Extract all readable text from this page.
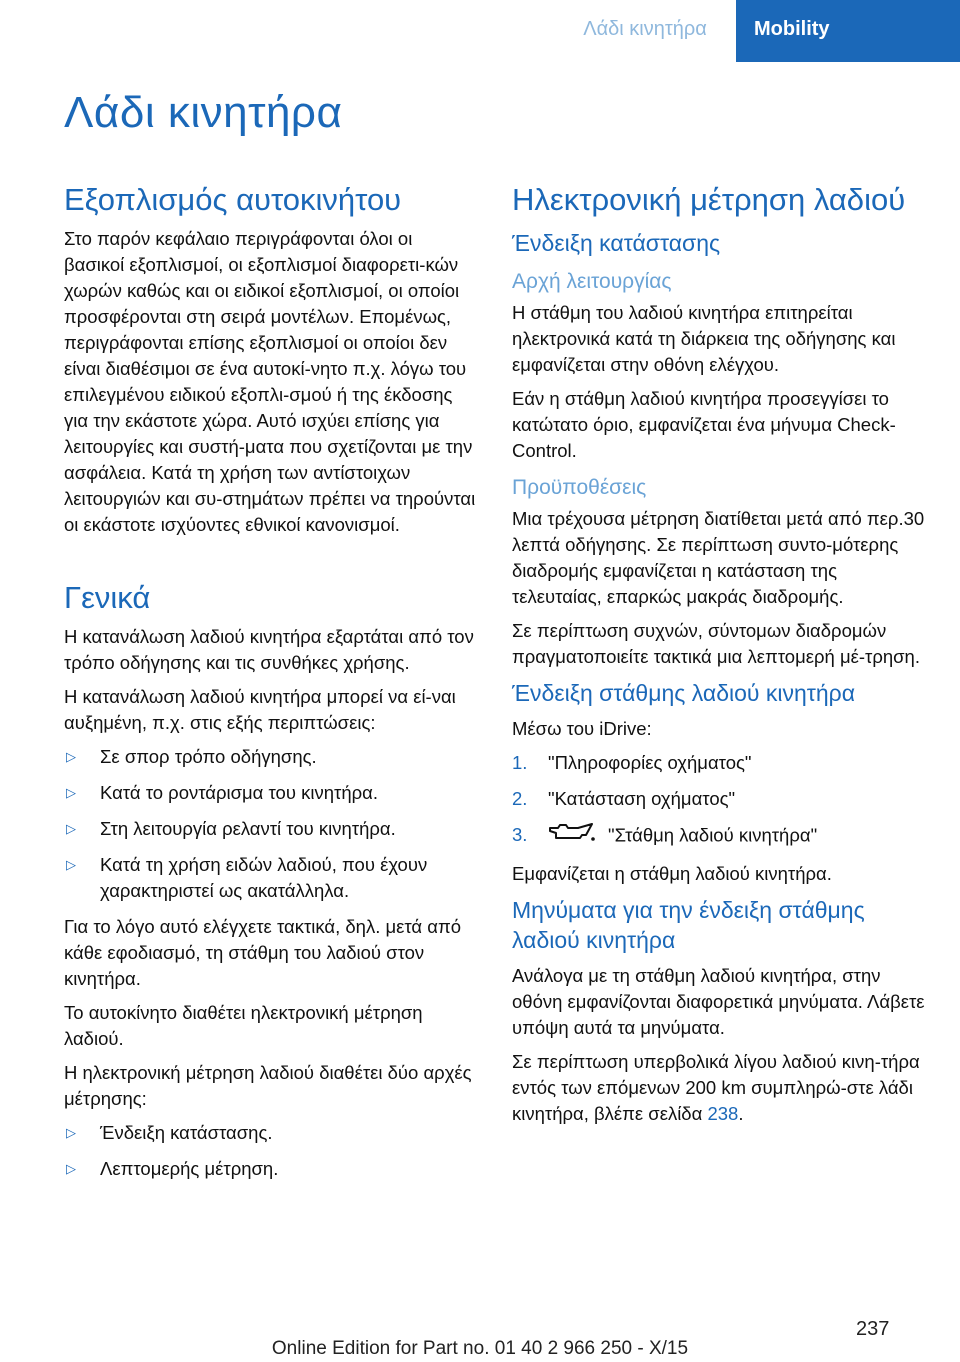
Λάδι κινητήρα	Mobility
Λάδι κινητήρα
Εξοπλισμός αυτοκινήτου

Στο παρόν κεφάλαιο περιγράφονται όλοι οι βασικοί εξοπλισμοί, οι εξοπλισμοί διαφορετι-κών χωρών καθώς και οι ειδικοί εξοπλισμοί, οι οποίοι προσφέρονται στη σειρά μοντέλων. Επομένως, περιγράφονται επίσης εξοπλισμοί οι οποίοι δεν είναι διαθέσιμοι σε ένα αυτοκί-νητο π.χ. λόγω του επιλεγμένου ειδικού εξοπλι-σμού ή της έκδοσης για την εκάστοτε χώρα. Αυτό ισχύει επίσης για λειτουργίες και συστή-ματα που σχετίζονται με την ασφάλεια. Κατά τη χρήση των αντίστοιχων λειτουργιών και συ-στημάτων πρέπει να τηρούνται οι εκάστοτε ισχύοντες εθνικοί κανονισμοί.

Γενικά

Η κατανάλωση λαδιού κινητήρα εξαρτάται από τον τρόπο οδήγησης και τις συνθήκες χρήσης.

Η κατανάλωση λαδιού κινητήρα μπορεί να εί-ναι αυξημένη, π.χ. στις εξής περιπτώσεις:

▷ Σε σπορ τρόπο οδήγησης.
▷ Κατά το ροντάρισμα του κινητήρα.
▷ Στη λειτουργία ρελαντί του κινητήρα.
▷ Κατά τη χρήση ειδών λαδιού, που έχουν χαρακτηριστεί ως ακατάλληλα.

Για το λόγο αυτό ελέγχετε τακτικά, δηλ. μετά από κάθε εφοδιασμό, τη στάθμη του λαδιού στον κινητήρα.

Το αυτοκίνητο διαθέτει ηλεκτρονική μέτρηση λαδιού.

Η ηλεκτρονική μέτρηση λαδιού διαθέτει δύο αρχές μέτρησης:

▷ Ένδειξη κατάστασης.
▷ Λεπτομερής μέτρηση.
Ηλεκτρονική μέτρηση λαδιού
Ένδειξη κατάστασης
Αρχή λειτουργίας

Η στάθμη του λαδιού κινητήρα επιτηρείται ηλεκτρονικά κατά τη διάρκεια της οδήγησης και εμφανίζεται στην οθόνη ελέγχου.

Εάν η στάθμη λαδιού κινητήρα προσεγγίσει το κατώτατο όριο, εμφανίζεται ένα μήνυμα Check-Control.

Προϋποθέσεις

Μια τρέχουσα μέτρηση διατίθεται μετά από περ.30 λεπτά οδήγησης. Σε περίπτωση συντο-μότερης διαδρομής εμφανίζεται η κατάσταση της τελευταίας, επαρκώς μακράς διαδρομής.

Σε περίπτωση συχνών, σύντομων διαδρομών πραγματοποιείτε τακτικά μια λεπτομερή μέ-τρηση.

Ένδειξη στάθμης λαδιού κινητήρα

Μέσω του iDrive:

1. "Πληροφορίες οχήματος"
2. "Κατάσταση οχήματος"
3.	"Στάθμη λαδιού κινητήρα"

Εμφανίζεται η στάθμη λαδιού κινητήρα.

Μηνύματα για την ένδειξη στάθμης λαδιού κινητήρα

Ανάλογα με τη στάθμη λαδιού κινητήρα, στην οθόνη εμφανίζονται διαφορετικά μηνύματα. Λάβετε υπόψη αυτά τα μηνύματα.

Σε περίπτωση υπερβολικά λίγου λαδιού κινη-τήρα εντός των επόμενων 200 km συμπληρώ-στε λάδι κινητήρα, βλέπε σελίδα 238.

237
Online Edition for Part no. 01 40 2 966 250 - X/15
